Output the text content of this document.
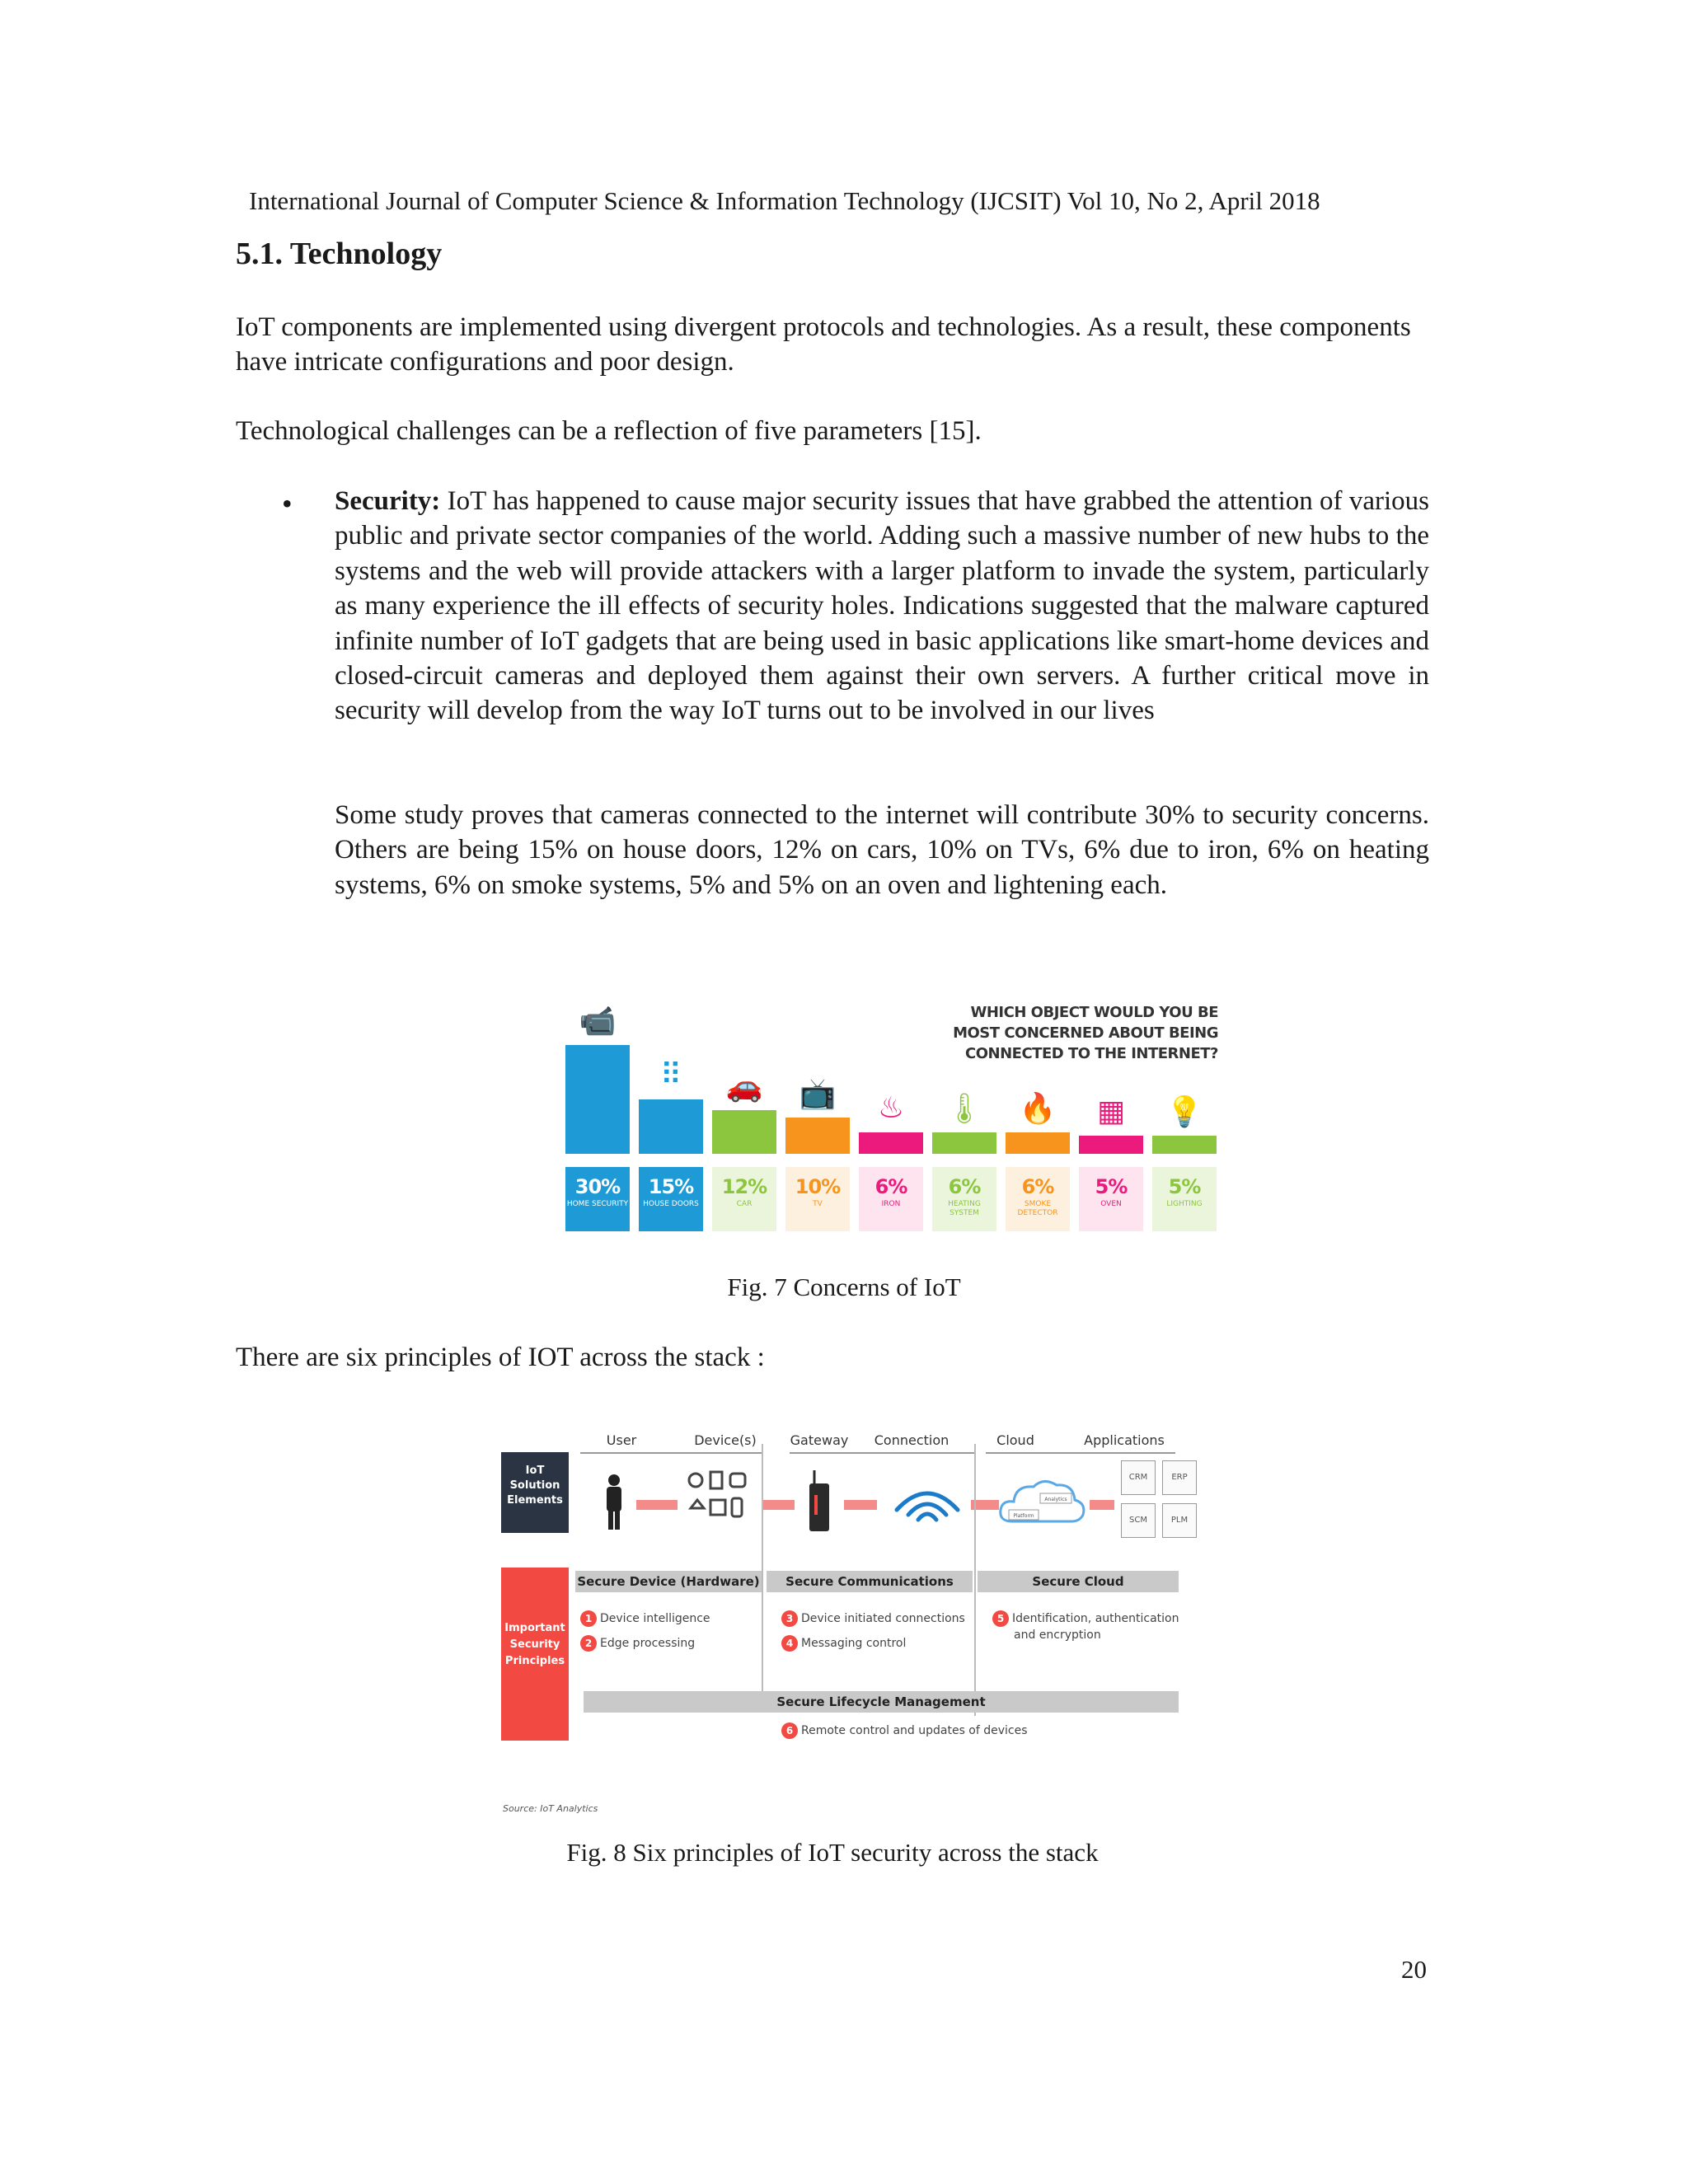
International Journal of Computer Science & Information Technology (IJCSIT) Vol 10, No 2, April 2018
5.1. Technology
IoT components are implemented using divergent protocols and technologies. As a result, these components have intricate configurations and poor design.
Technological challenges can be a reflection of five parameters [15].
• Security: IoT has happened to cause major security issues that have grabbed the attention of various public and private sector companies of the world. Adding such a massive number of new hubs to the systems and the web will provide attackers with a larger platform to invade the system, particularly as many experience the ill effects of security holes. Indications suggested that the malware captured infinite number of IoT gadgets that are being used in basic applications like smart-home devices and closed-circuit cameras and deployed them against their own servers. A further critical move in security will develop from the way IoT turns out to be involved in our lives
Some study proves that cameras connected to the internet will contribute 30% to security concerns. Others are being 15% on house doors, 12% on cars, 10% on TVs, 6% due to iron, 6% on heating systems, 6% on smoke systems, 5% and 5% on an oven and lightening each.
WHICH OBJECT WOULD YOU BE MOST CONCERNED ABOUT BEING CONNECTED TO THE INTERNET?
📹
30%
HOME SECURITY
⠿
15%
HOUSE DOORS
🚗
12%
CAR
📺
10%
TV
♨
6%
IRON
🌡
6%
HEATING SYSTEM
🔥
6%
SMOKE DETECTOR
▦
5%
OVEN
💡
5%
LIGHTING
Fig. 7 Concerns of IoT
There are six principles of IOT across the stack :
User	Device(s)	Gateway	Connection	Cloud	Applications
IoT Solution Elements
Important Security Principles
Analytics
Platform
CRM	ERP
SCM	PLM
Secure Device (Hardware)	Secure Communications	Secure Cloud
1 Device intelligence
2 Edge processing
3 Device initiated connections
4 Messaging control
5 Identification, authentication
and encryption
Secure Lifecycle Management
6 Remote control and updates of devices
Source: IoT Analytics
Fig. 8 Six principles of IoT security across the stack
20
